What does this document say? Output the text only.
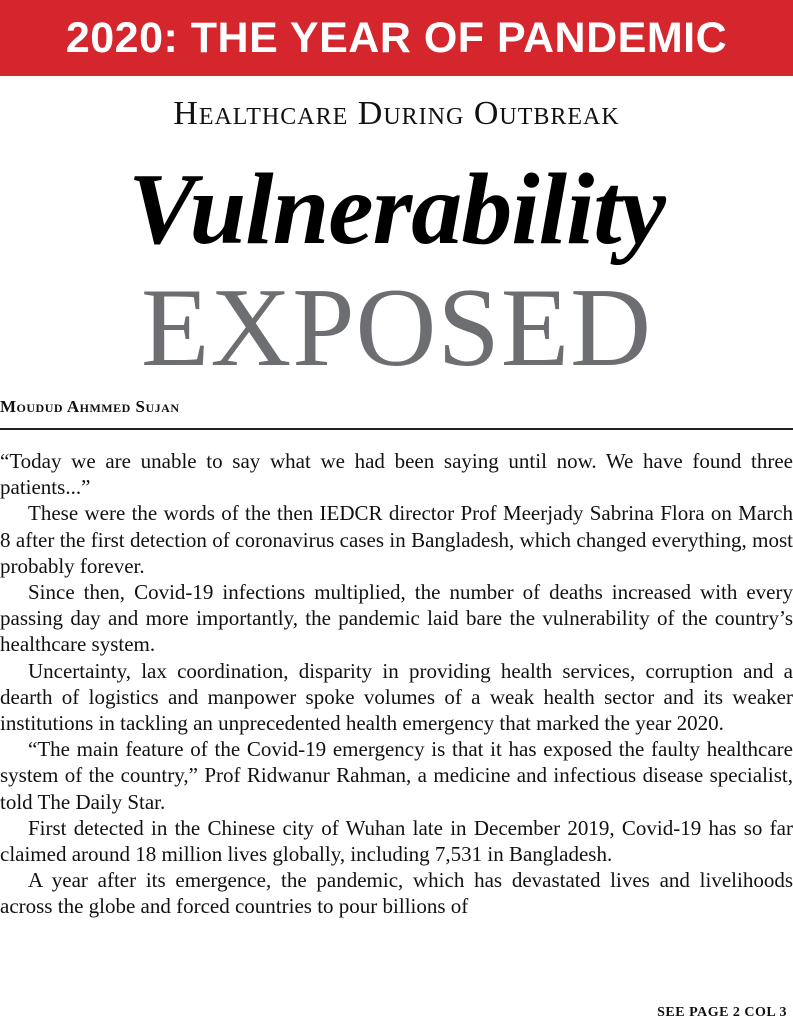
2020: THE YEAR OF PANDEMIC
Healthcare During Outbreak
Vulnerability
EXPOSED
Moudud Ahmmed Sujan

“Today we are unable to say what we had been saying until now. We have found three patients...”

These were the words of the then IEDCR director Prof Meerjady Sabrina Flora on March 8 after the first detection of coronavirus cases in Bangladesh, which changed everything, most probably forever.

Since then, Covid-19 infections multiplied, the number of deaths increased with every passing day and more importantly, the pandemic laid bare the vulnerability of the country’s healthcare system.

Uncertainty, lax coordination, disparity in providing health services, corruption and a dearth of logistics and manpower spoke volumes of a weak health sector and its weaker institutions in tackling an unprecedented health emergency that marked the year 2020.

“The main feature of the Covid-19 emergency is that it has exposed the faulty healthcare system of the country,” Prof Ridwanur Rahman, a medicine and infectious disease specialist, told The Daily Star.

First detected in the Chinese city of Wuhan late in December 2019, Covid-19 has so far claimed around 18 million lives globally, including 7,531 in Bangladesh.

A year after its emergence, the pandemic, which has devastated lives and livelihoods across the globe and forced countries to pour billions of

SEE PAGE 2 COL 3
